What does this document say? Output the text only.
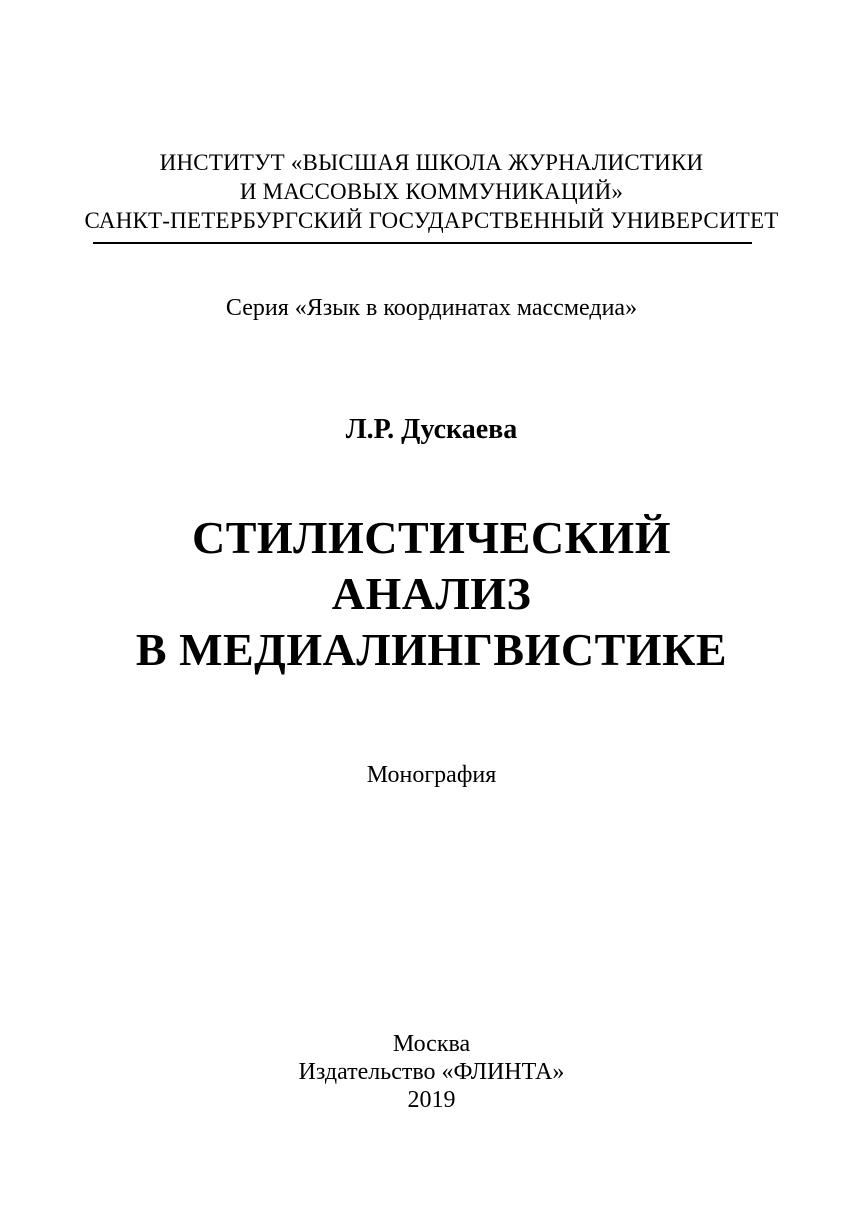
ИНСТИТУТ «ВЫСШАЯ ШКОЛА ЖУРНАЛИСТИКИ
И МАССОВЫХ КОММУНИКАЦИЙ»
САНКТ-ПЕТЕРБУРГСКИЙ ГОСУДАРСТВЕННЫЙ УНИВЕРСИТЕТ
Серия «Язык в координатах массмедиа»
Л.Р. Дускаева
СТИЛИСТИЧЕСКИЙ
АНАЛИЗ
В МЕДИАЛИНГВИСТИКЕ
Монография
Москва
Издательство «ФЛИНТА»
2019
